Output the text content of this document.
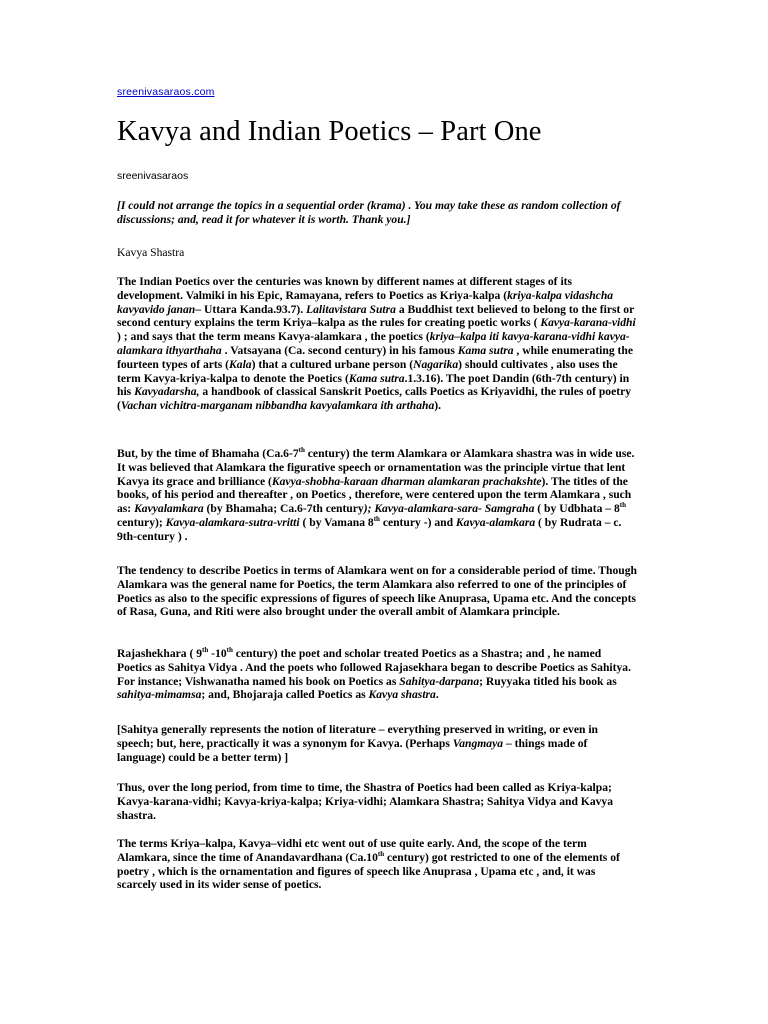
sreenivasaraos.com
Kavya and Indian Poetics – Part One
sreenivasaraos

[I could not arrange the topics in a sequential order (krama) . You may take these as random collection of discussions; and, read it for whatever it is worth. Thank you.]

Kavya Shastra

The Indian Poetics over the centuries was known by different names at different stages of its development. Valmiki in his Epic, Ramayana, refers to Poetics as Kriya-kalpa (kriya-kalpa vidashcha kavyavido janan– Uttara Kanda.93.7). Lalitavistara Sutra a Buddhist text believed to belong to the first or second century explains the term Kriya–kalpa as the rules for creating poetic works ( Kavya-karana-vidhi ) ; and says that the term means Kavya-alamkara , the poetics (kriya–kalpa iti kavya-karana-vidhi kavya-alamkara ithyarthaha . Vatsayana (Ca. second century) in his famous Kama sutra , while enumerating the fourteen types of arts (Kala) that a cultured urbane person (Nagarika) should cultivates , also uses the term Kavya-kriya-kalpa to denote the Poetics (Kama sutra.1.3.16). The poet Dandin (6th-7th century) in his Kavyadarsha, a handbook of classical Sanskrit Poetics, calls Poetics as Kriyavidhi, the rules of poetry (Vachan vichitra-marganam nibbandha kavyalamkara ith arthaha).

But, by the time of Bhamaha (Ca.6-7th century) the term Alamkara or Alamkara shastra was in wide use. It was believed that Alamkara the figurative speech or ornamentation was the principle virtue that lent Kavya its grace and brilliance (Kavya-shobha-karaan dharman alamkaran prachakshte). The titles of the books, of his period and thereafter , on Poetics , therefore, were centered upon the term Alamkara , such as: Kavyalamkara (by Bhamaha; Ca.6-7th century); Kavya-alamkara-sara- Samgraha ( by Udbhata – 8th century); Kavya-alamkara-sutra-vritti ( by Vamana 8th century -) and Kavya-alamkara ( by Rudrata – c. 9th-century ) .

The tendency to describe Poetics in terms of Alamkara went on for a considerable period of time. Though Alamkara was the general name for Poetics, the term Alamkara also referred to one of the principles of Poetics as also to the specific expressions of figures of speech like Anuprasa, Upama etc. And the concepts of Rasa, Guna, and Riti were also brought under the overall ambit of Alamkara principle.

Rajashekhara ( 9th -10th century) the poet and scholar treated Poetics as a Shastra; and , he named Poetics as Sahitya Vidya . And the poets who followed Rajasekhara began to describe Poetics as Sahitya. For instance; Vishwanatha named his book on Poetics as Sahitya-darpana; Ruyyaka titled his book as sahitya-mimamsa; and, Bhojaraja called Poetics as Kavya shastra.

[Sahitya generally represents the notion of literature – everything preserved in writing, or even in speech; but, here, practically it was a synonym for Kavya. (Perhaps Vangmaya – things made of language) could be a better term) ]

Thus, over the long period, from time to time, the Shastra of Poetics had been called as Kriya-kalpa; Kavya-karana-vidhi; Kavya-kriya-kalpa; Kriya-vidhi; Alamkara Shastra; Sahitya Vidya and Kavya shastra.

The terms Kriya–kalpa, Kavya–vidhi etc went out of use quite early. And, the scope of the term Alamkara, since the time of Anandavardhana (Ca.10th century) got restricted to one of the elements of poetry , which is the ornamentation and figures of speech like Anuprasa , Upama etc , and, it was scarcely used in its wider sense of poetics.
